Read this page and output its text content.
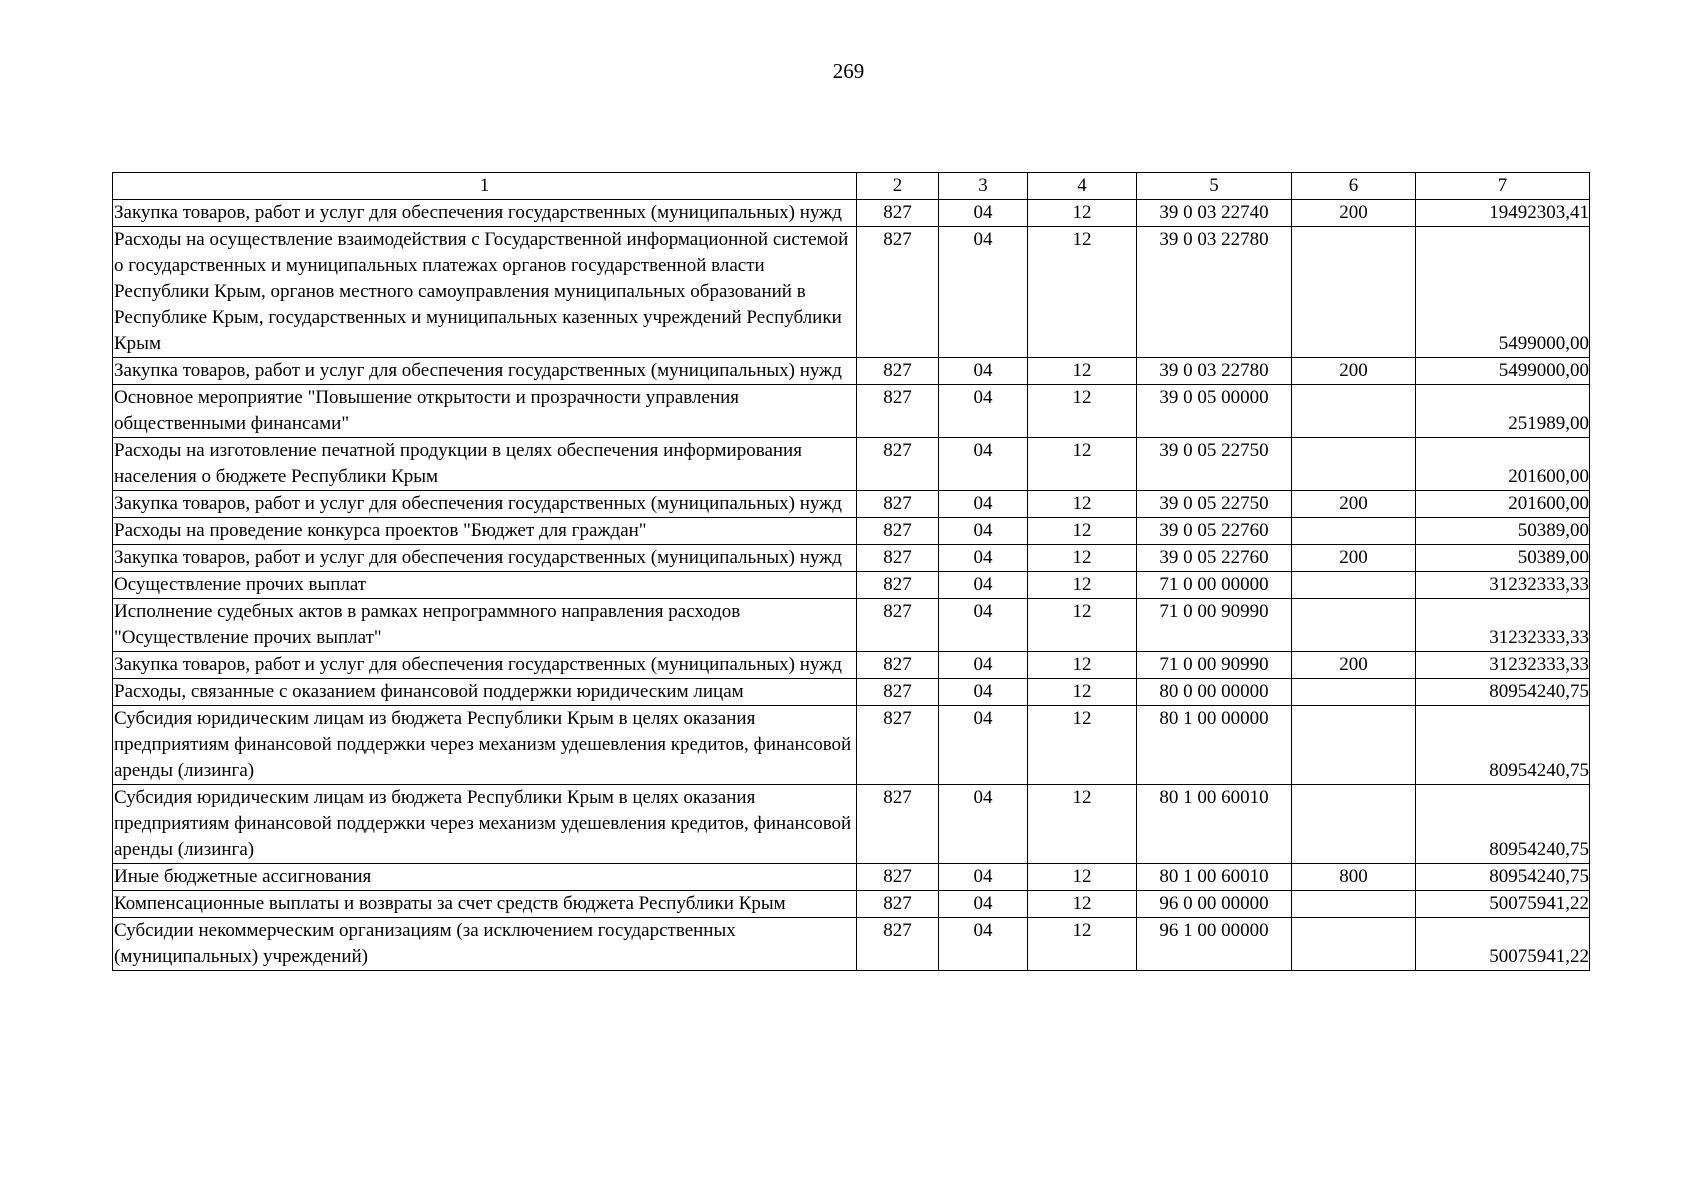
269
1	2	3	4	5	6	7
Закупка товаров, работ и услуг для обеспечения государственных (муниципальных) нужд	827	04	12	39 0 03 22740	200	19492303,41
Расходы на осуществление взаимодействия с Государственной информационной системой о государственных и муниципальных платежах органов государственной власти Республики Крым, органов местного самоуправления муниципальных образований в Республике Крым, государственных и муниципальных казенных учреждений Республики Крым	827	04	12	39 0 03 22780		5499000,00
Закупка товаров, работ и услуг для обеспечения государственных (муниципальных) нужд	827	04	12	39 0 03 22780	200	5499000,00
Основное мероприятие "Повышение открытости и прозрачности управления общественными финансами"	827	04	12	39 0 05 00000		251989,00
Расходы на изготовление печатной продукции в целях обеспечения информирования населения о бюджете Республики Крым	827	04	12	39 0 05 22750		201600,00
Закупка товаров, работ и услуг для обеспечения государственных (муниципальных) нужд	827	04	12	39 0 05 22750	200	201600,00
Расходы на проведение конкурса проектов "Бюджет для граждан"	827	04	12	39 0 05 22760		50389,00
Закупка товаров, работ и услуг для обеспечения государственных (муниципальных) нужд	827	04	12	39 0 05 22760	200	50389,00
Осуществление прочих выплат	827	04	12	71 0 00 00000		31232333,33
Исполнение судебных актов в рамках непрограммного направления расходов "Осуществление прочих выплат"	827	04	12	71 0 00 90990		31232333,33
Закупка товаров, работ и услуг для обеспечения государственных (муниципальных) нужд	827	04	12	71 0 00 90990	200	31232333,33
Расходы, связанные с оказанием финансовой поддержки юридическим лицам	827	04	12	80 0 00 00000		80954240,75
Субсидия юридическим лицам из бюджета Республики Крым в целях оказания предприятиям финансовой поддержки через механизм удешевления кредитов, финансовой аренды (лизинга)	827	04	12	80 1 00 00000		80954240,75
Субсидия юридическим лицам из бюджета Республики Крым в целях оказания предприятиям финансовой поддержки через механизм удешевления кредитов, финансовой аренды (лизинга)	827	04	12	80 1 00 60010		80954240,75
Иные бюджетные ассигнования	827	04	12	80 1 00 60010	800	80954240,75
Компенсационные выплаты и возвраты за счет средств бюджета Республики Крым	827	04	12	96 0 00 00000		50075941,22
Субсидии некоммерческим организациям (за исключением государственных (муниципальных) учреждений)	827	04	12	96 1 00 00000		50075941,22
